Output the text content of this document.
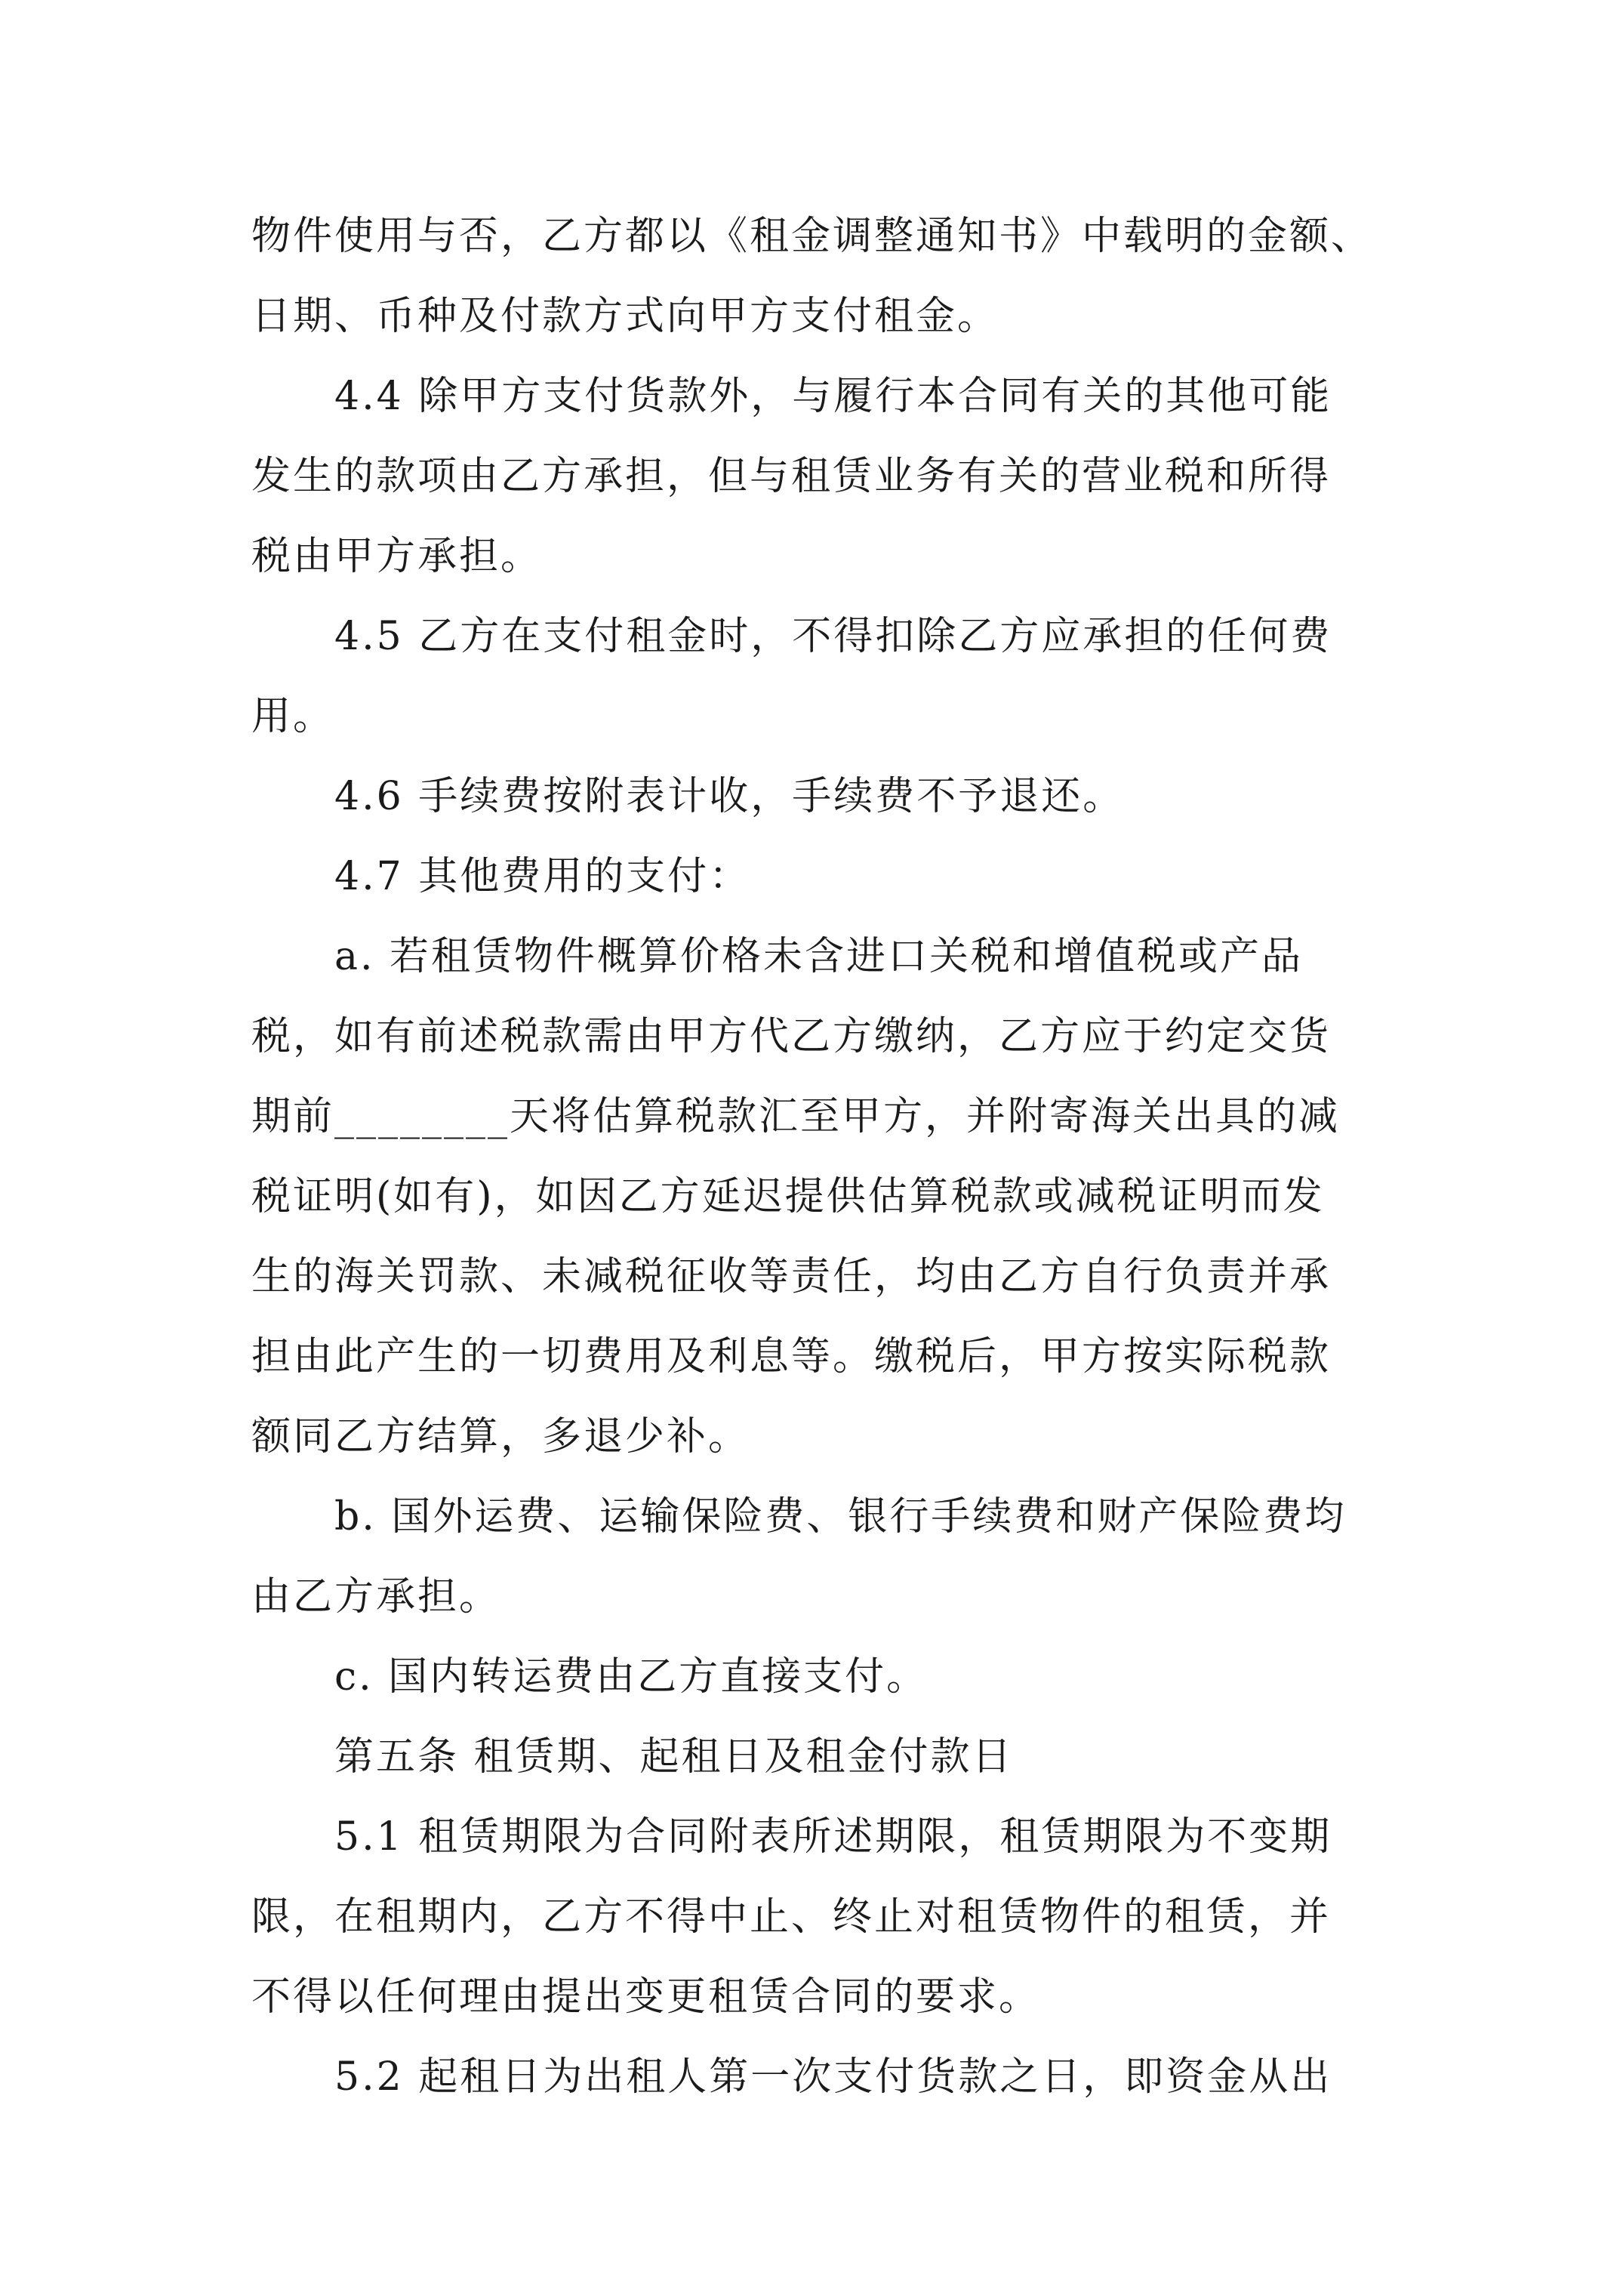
物件使用与否，乙方都以《租金调整通知书》中载明的金额、
日期、币种及付款方式向甲方支付租金。
4.4 除甲方支付货款外，与履行本合同有关的其他可能
发生的款项由乙方承担，但与租赁业务有关的营业税和所得
税由甲方承担。
4.5 乙方在支付租金时，不得扣除乙方应承担的任何费
用。
4.6 手续费按附表计收，手续费不予退还。
4.7 其他费用的支付：
a. 若租赁物件概算价格未含进口关税和增值税或产品
税，如有前述税款需由甲方代乙方缴纳，乙方应于约定交货
期前________天将估算税款汇至甲方，并附寄海关出具的减
税证明(如有)，如因乙方延迟提供估算税款或减税证明而发
生的海关罚款、未减税征收等责任，均由乙方自行负责并承
担由此产生的一切费用及利息等。缴税后，甲方按实际税款
额同乙方结算，多退少补。
b. 国外运费、运输保险费、银行手续费和财产保险费均
由乙方承担。
c. 国内转运费由乙方直接支付。
第五条 租赁期、起租日及租金付款日
5.1 租赁期限为合同附表所述期限，租赁期限为不变期
限，在租期内，乙方不得中止、终止对租赁物件的租赁，并
不得以任何理由提出变更租赁合同的要求。
5.2 起租日为出租人第一次支付货款之日，即资金从出
